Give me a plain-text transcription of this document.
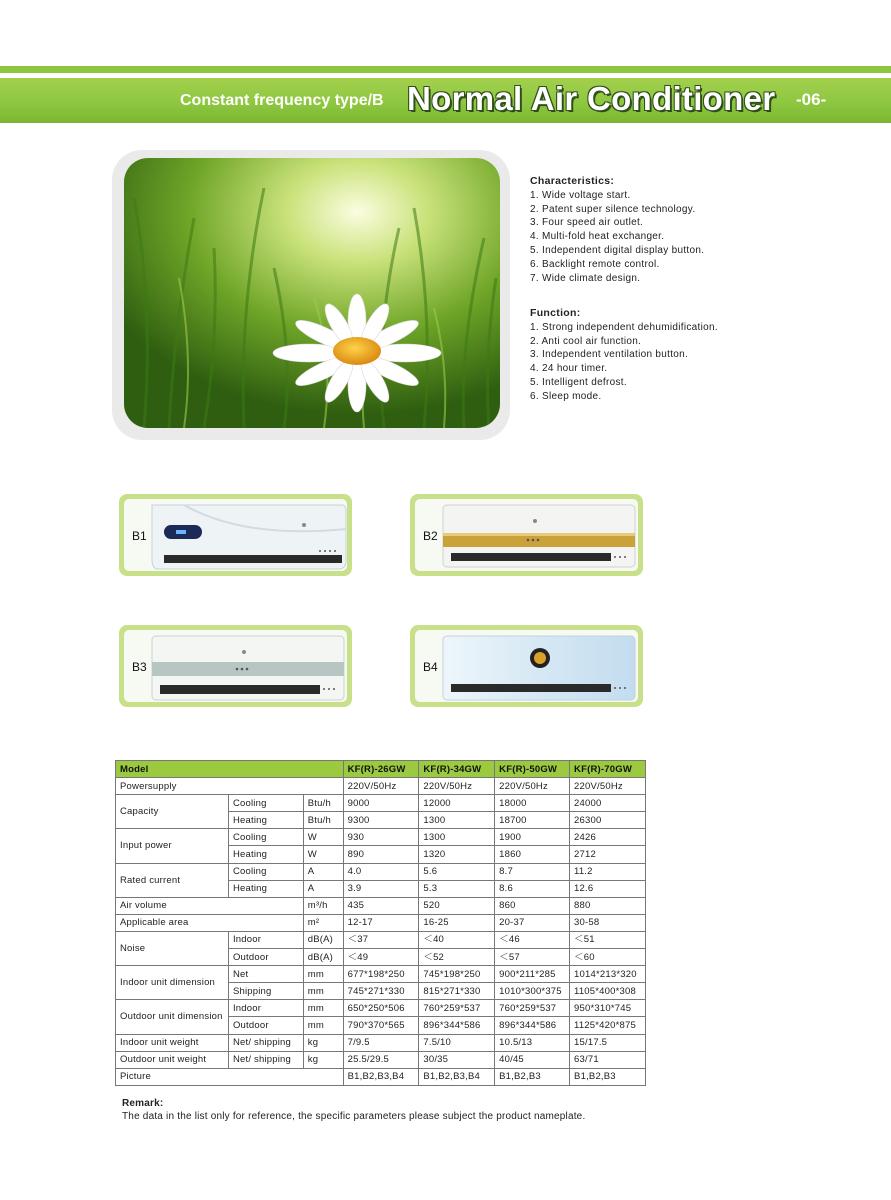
Constant frequency type/B Normal Air Conditioner -06-
Characteristics:
1. Wide voltage start.
2. Patent super silence technology.
3. Four speed air outlet.
4. Multi-fold heat exchanger.
5. Independent digital display button.
6. Backlight remote control.
7. Wide climate design.
Function:
1. Strong independent dehumidification.
2. Anti cool air function.
3. Independent ventilation button.
4. 24 hour timer.
5. Intelligent defrost.
6. Sleep mode.
B1	B2
B3	B4
Model			KF(R)-26GW	KF(R)-34GW	KF(R)-50GW	KF(R)-70GW
Powersupply			220V/50Hz	220V/50Hz	220V/50Hz	220V/50Hz
Capacity	Cooling	Btu/h	9000	12000	18000	24000
	Heating	Btu/h	9300	1300	18700	26300
Input power	Cooling	W	930	1300	1900	2426
	Heating	W	890	1320	1860	2712
Rated current	Cooling	A	4.0	5.6	8.7	11.2
	Heating	A	3.9	5.3	8.6	12.6
Air volume		m³/h	435	520	860	880
Applicable area		m²	12-17	16-25	20-37	30-58
Noise	Indoor	dB(A)	＜37	＜40	＜46	＜51
	Outdoor	dB(A)	＜49	＜52	＜57	＜60
Indoor unit dimension	Net	mm	677*198*250	745*198*250	900*211*285	1014*213*320
	Shipping	mm	745*271*330	815*271*330	1010*300*375	1105*400*308
Outdoor unit dimension	Indoor	mm	650*250*506	760*259*537	760*259*537	950*310*745
	Outdoor	mm	790*370*565	896*344*586	896*344*586	1125*420*875
Indoor unit weight	Net/ shipping	kg	7/9.5	7.5/10	10.5/13	15/17.5
Outdoor unit weight	Net/ shipping	kg	25.5/29.5	30/35	40/45	63/71
Picture			B1,B2,B3,B4	B1,B2,B3,B4	B1,B2,B3	B1,B2,B3
Remark:
The data in the list only for reference, the specific parameters please subject the product nameplate.
